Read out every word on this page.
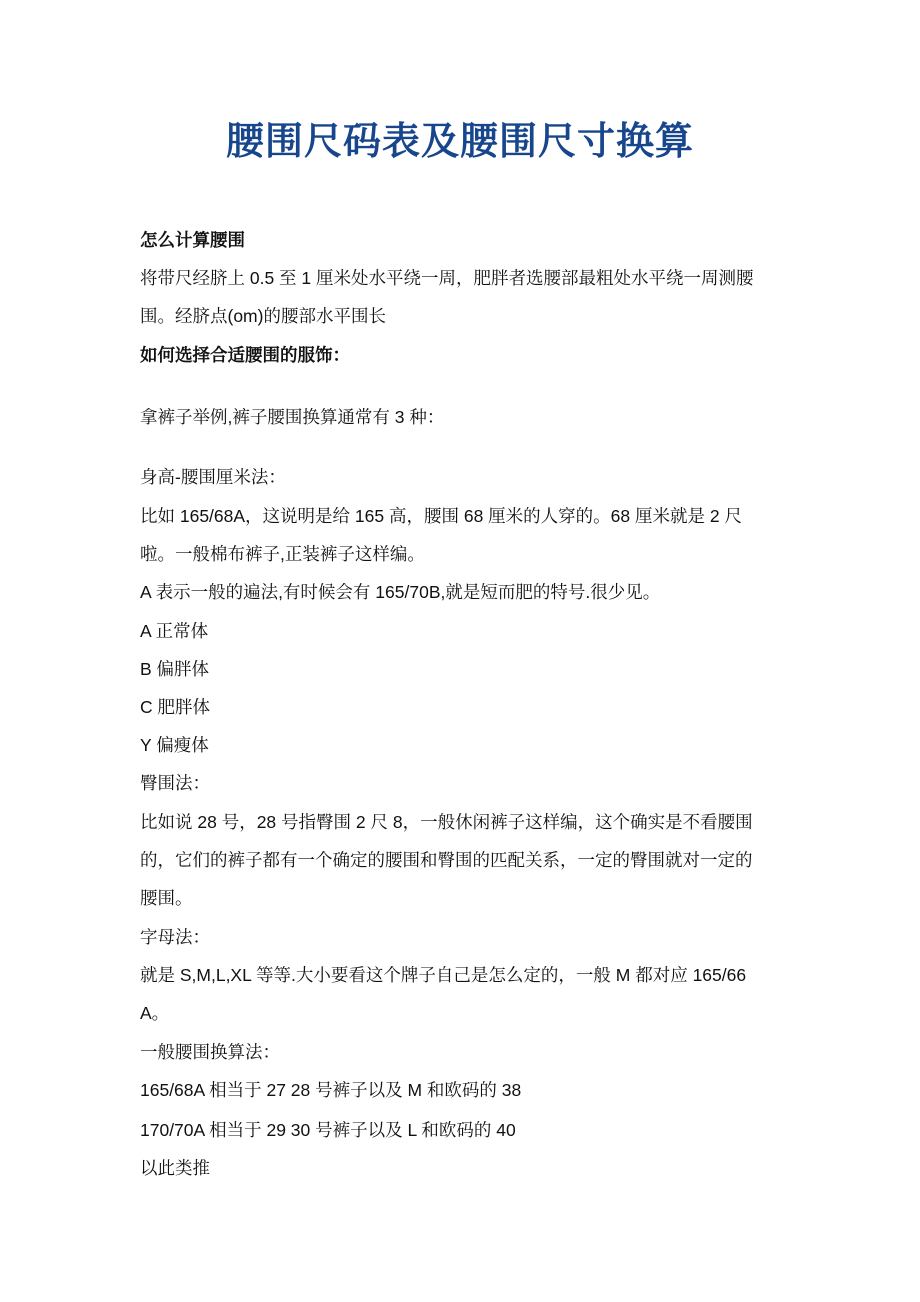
腰围尺码表及腰围尺寸换算
怎么计算腰围
将带尺经脐上 0.5 至 1 厘米处水平绕一周，肥胖者选腰部最粗处水平绕一周测腰
围。经脐点(om)的腰部水平围长
如何选择合适腰围的服饰：
拿裤子举例,裤子腰围换算通常有 3 种：
身高-腰围厘米法：
比如 165/68A，这说明是给 165 高，腰围 68 厘米的人穿的。68 厘米就是 2 尺
啦。一般棉布裤子,正装裤子这样编。
A 表示一般的遍法,有时候会有 165/70B,就是短而肥的特号.很少见。
A 正常体
B 偏胖体
C 肥胖体
Y 偏瘦体
臀围法：
比如说 28 号，28 号指臀围 2 尺 8，一般休闲裤子这样编，这个确实是不看腰围
的，它们的裤子都有一个确定的腰围和臀围的匹配关系，一定的臀围就对一定的
腰围。
字母法：
就是 S,M,L,XL 等等.大小要看这个牌子自己是怎么定的，一般 M 都对应 165/66
A。
一般腰围换算法：
165/68A 相当于 27 28 号裤子以及 M 和欧码的 38
170/70A 相当于 29 30 号裤子以及 L 和欧码的 40
以此类推
